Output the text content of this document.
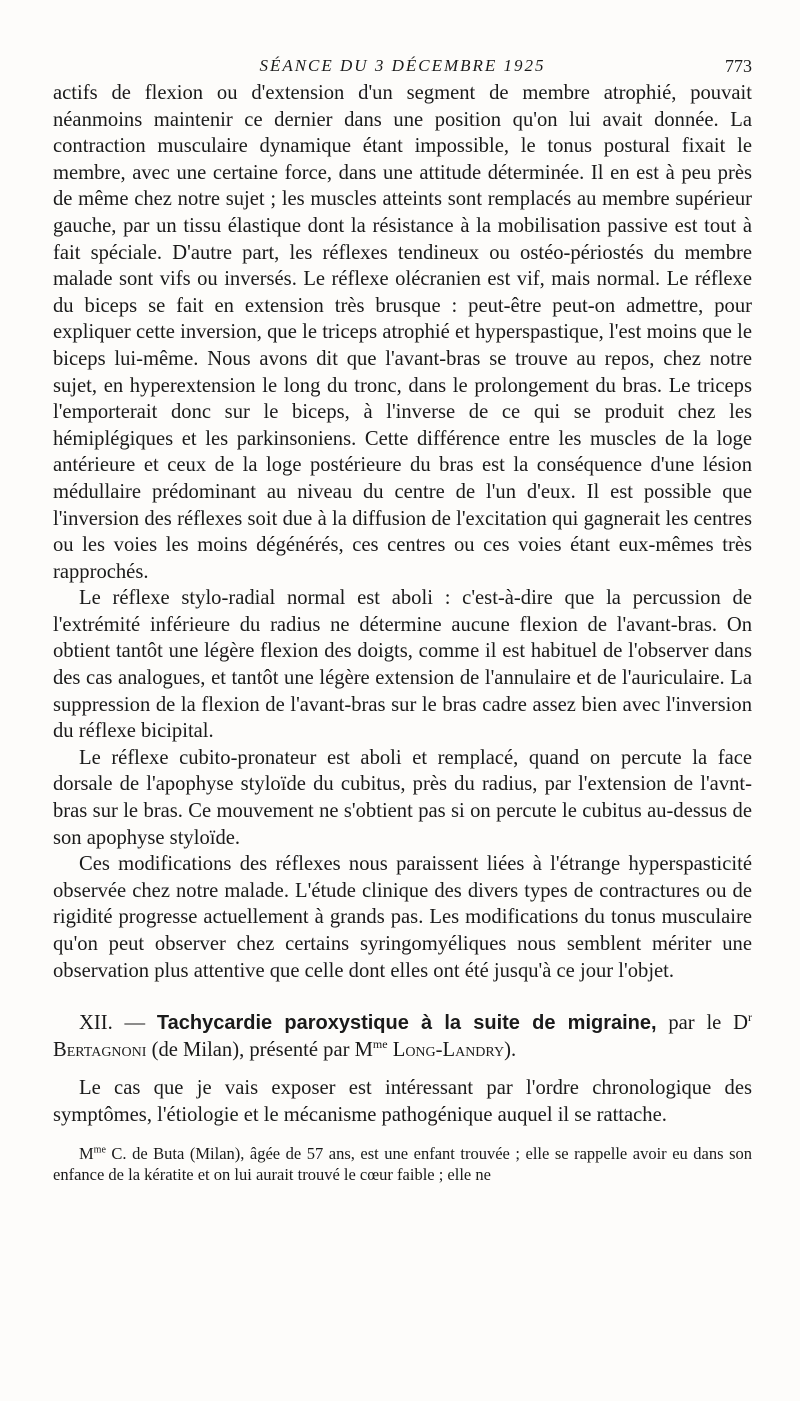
SÉANCE DU 3 DÉCEMBRE 1925	773

actifs de flexion ou d'extension d'un segment de membre atrophié, pouvait néanmoins maintenir ce dernier dans une position qu'on lui avait donnée. La contraction musculaire dynamique étant impossible, le tonus postural fixait le membre, avec une certaine force, dans une attitude déterminée. Il en est à peu près de même chez notre sujet ; les muscles atteints sont remplacés au membre supérieur gauche, par un tissu élastique dont la résistance à la mobilisation passive est tout à fait spéciale. D'autre part, les réflexes tendineux ou ostéo-périostés du membre malade sont vifs ou inversés. Le réflexe olécranien est vif, mais normal. Le réflexe du biceps se fait en extension très brusque : peut-être peut-on admettre, pour expliquer cette inversion, que le triceps atrophié et hyperspastique, l'est moins que le biceps lui-même. Nous avons dit que l'avant-bras se trouve au repos, chez notre sujet, en hyperextension le long du tronc, dans le prolongement du bras. Le triceps l'emporterait donc sur le biceps, à l'inverse de ce qui se produit chez les hémiplégiques et les parkinsoniens. Cette différence entre les muscles de la loge antérieure et ceux de la loge postérieure du bras est la conséquence d'une lésion médullaire prédominant au niveau du centre de l'un d'eux. Il est possible que l'inversion des réflexes soit due à la diffusion de l'excitation qui gagnerait les centres ou les voies les moins dégénérés, ces centres ou ces voies étant eux-mêmes très rapprochés.

Le réflexe stylo-radial normal est aboli : c'est-à-dire que la percussion de l'extrémité inférieure du radius ne détermine aucune flexion de l'avant-bras. On obtient tantôt une légère flexion des doigts, comme il est habituel de l'observer dans des cas analogues, et tantôt une légère extension de l'annulaire et de l'auriculaire. La suppression de la flexion de l'avant-bras sur le bras cadre assez bien avec l'inversion du réflexe bicipital.

Le réflexe cubito-pronateur est aboli et remplacé, quand on percute la face dorsale de l'apophyse styloïde du cubitus, près du radius, par l'extension de l'avnt-bras sur le bras. Ce mouvement ne s'obtient pas si on percute le cubitus au-dessus de son apophyse styloïde.

Ces modifications des réflexes nous paraissent liées à l'étrange hyperspasticité observée chez notre malade. L'étude clinique des divers types de contractures ou de rigidité progresse actuellement à grands pas. Les modifications du tonus musculaire qu'on peut observer chez certains syringomyéliques nous semblent mériter une observation plus attentive que celle dont elles ont été jusqu'à ce jour l'objet.

XII. — Tachycardie paroxystique à la suite de migraine, par le $D^r$ Bertagnoni (de Milan), présenté par $M^{me}$ Long-Landry).

Le cas que je vais exposer est intéressant par l'ordre chronologique des symptômes, l'étiologie et le mécanisme pathogénique auquel il se rattache.

$M^{me}$ C. de Buta (Milan), âgée de 57 ans, est une enfant trouvée ; elle se rappelle avoir eu dans son enfance de la kératite et on lui aurait trouvé le cœur faible ; elle ne
